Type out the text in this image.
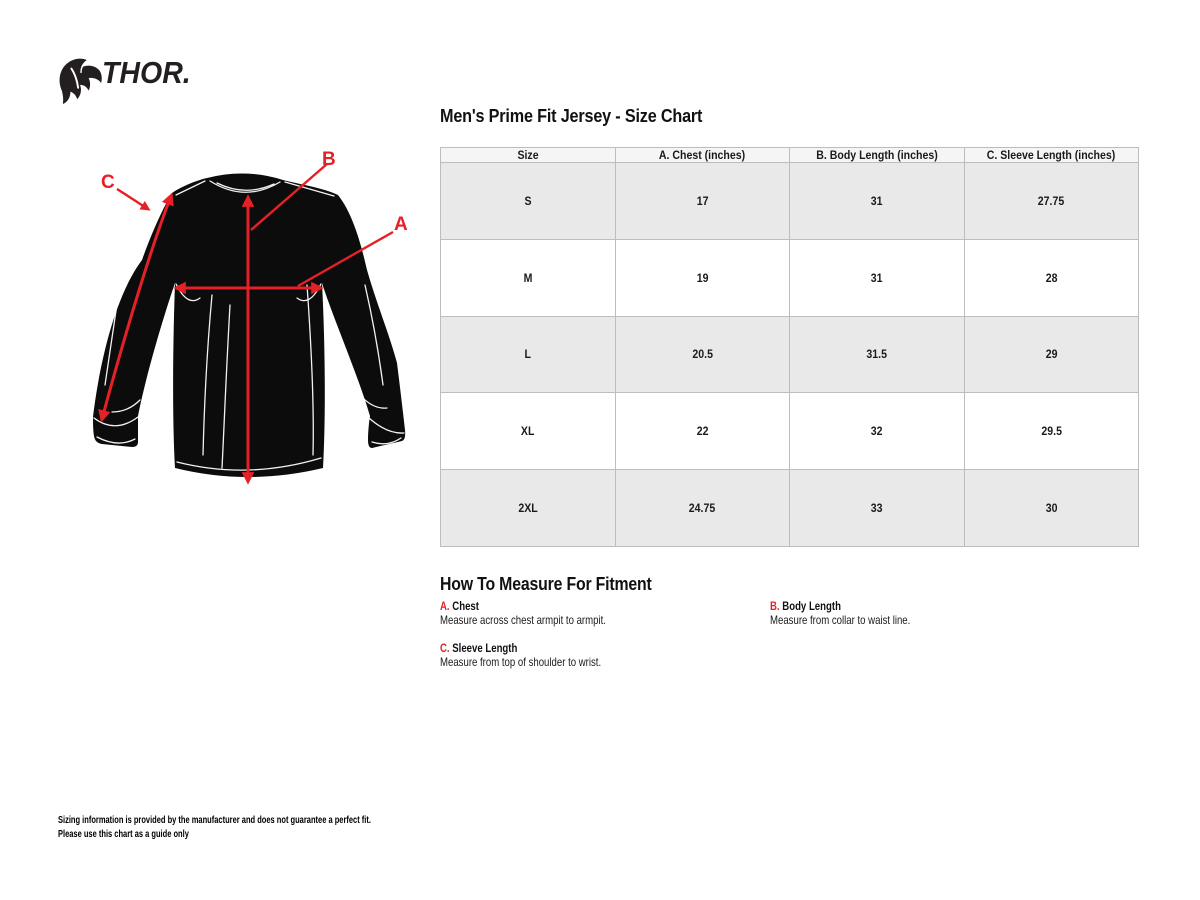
THOR.
B
A
C
Men's Prime Fit Jersey - Size Chart
Size	A. Chest (inches)	B. Body Length (inches)	C. Sleeve Length (inches)
S	17	31	27.75
M	19	31	28
L	20.5	31.5	29
XL	22	32	29.5
2XL	24.75	33	30
How To Measure For Fitment
A. Chest
Measure across chest armpit to armpit.
B. Body Length
Measure from collar to waist line.
C. Sleeve Length
Measure from top of shoulder to wrist.
Sizing information is provided by the manufacturer and does not guarantee a perfect fit.
Please use this chart as a guide only
